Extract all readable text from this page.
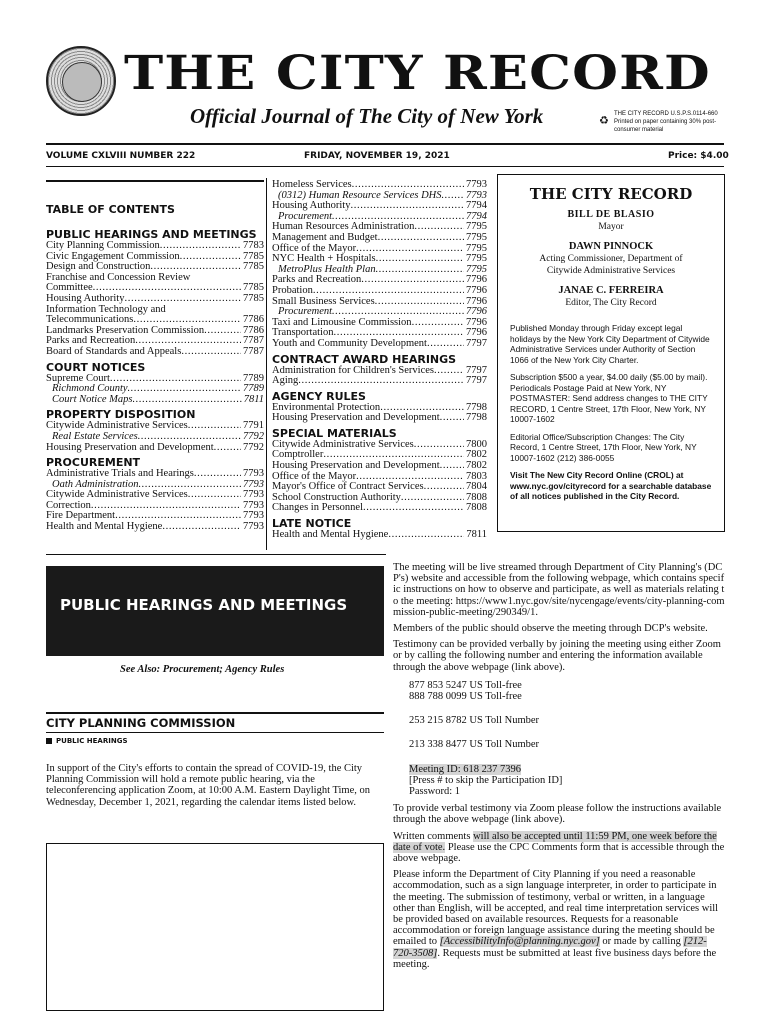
THE CITY RECORD
Official Journal of The City of New York	♻ THE CITY RECORD U.S.P.S.0114-660
Printed on paper containing 30% post-consumer material
VOLUME CXLVIII NUMBER 222	FRIDAY, NOVEMBER 19, 2021	Price: $4.00
TABLE OF CONTENTS
PUBLIC HEARINGS AND MEETINGS
City Planning Commission . . .	7783
Civic Engagement Commission . . .	7785
Design and Construction . . .	7785
Franchise and Concession Review
Committee . . .	7785
Housing Authority . . .	7785
Information Technology and
Telecommunications . . .	7786
Landmarks Preservation Commission . . .	7786
Parks and Recreation . . .	7787
Board of Standards and Appeals . . .	7787
COURT NOTICES
Supreme Court . . .	7789
Richmond County . . .	7789
Court Notice Maps . . .	7811
PROPERTY DISPOSITION
Citywide Administrative Services . . .	7791
Real Estate Services . . .	7792
Housing Preservation and Development . . .	7792
PROCUREMENT
Administrative Trials and Hearings . . .	7793
Oath Administration . . .	7793
Citywide Administrative Services . . .	7793
Correction . . .	7793
Fire Department . . .	7793
Health and Mental Hygiene . . .	7793
Homeless Services . . .	7793
(0312) Human Resource Services DHS . . . 7793
Housing Authority . . .	7794
Procurement . . .	7794
Human Resources Administration . . .	7795
Management and Budget . . .	7795
Office of the Mayor . . .	7795
NYC Health + Hospitals . . .	7795
MetroPlus Health Plan . . .	7795
Parks and Recreation . . .	7796
Probation . . .	7796
Small Business Services . . .	7796
Procurement . . .	7796
Taxi and Limousine Commission . . .	7796
Transportation . . .	7796
Youth and Community Development . . .	7797
CONTRACT AWARD HEARINGS
Administration for Children's Services . . .	7797
Aging . . .	7797
AGENCY RULES
Environmental Protection . . .	7798
Housing Preservation and Development . . .	7798
SPECIAL MATERIALS
Citywide Administrative Services . . .	7800
Comptroller . . .	7802
Housing Preservation and Development . . .	7802
Office of the Mayor . . .	7803
Mayor's Office of Contract Services . . .	7804
School Construction Authority . . .	7808
Changes in Personnel . . .	7808
LATE NOTICE
Health and Mental Hygiene . . .	7811
THE CITY RECORD
BILL DE BLASIO
Mayor
DAWN PINNOCK
Acting Commissioner, Department of
Citywide Administrative Services
JANAE C. FERREIRA
Editor, The City Record
Published Monday through Friday except legal holidays by the New York City Department of Citywide Administrative Services under Authority of Section 1066 of the New York City Charter.
Subscription $500 a year, $4.00 daily ($5.00 by mail). Periodicals Postage Paid at New York, NY POSTMASTER: Send address changes to THE CITY RECORD, 1 Centre Street, 17th Floor, New York, NY 10007-1602
Editorial Office/Subscription Changes: The City Record, 1 Centre Street, 17th Floor, New York, NY 10007-1602 (212) 386-0055
Visit The New City Record Online (CROL) at www.nyc.gov/cityrecord for a searchable database of all notices published in the City Record.
PUBLIC HEARINGS AND MEETINGS
See Also: Procurement; Agency Rules
CITY PLANNING COMMISSION
PUBLIC HEARINGS
In support of the City's efforts to contain the spread of COVID-19, the City Planning Commission will hold a remote public hearing, via the teleconferencing application Zoom, at 10:00 A.M. Eastern Daylight Time, on Wednesday, December 1, 2021, regarding the calendar items listed below.
The meeting will be live streamed through Department of City Planning's (DCP's) website and accessible from the following webpage, which contains specific instructions on how to observe and participate, as well as materials relating to the meeting: https://www1.nyc.gov/site/nycengage/events/city-planning-commission-public-meeting/290349/1.
Members of the public should observe the meeting through DCP's website.
Testimony can be provided verbally by joining the meeting using either Zoom or by calling the following number and entering the information available through the above webpage (link above).
877 853 5247 US Toll-free
888 788 0099 US Toll-free
253 215 8782 US Toll Number
213 338 8477 US Toll Number
Meeting ID: 618 237 7396
[Press # to skip the Participation ID]
Password: 1
To provide verbal testimony via Zoom please follow the instructions available through the above webpage (link above).
Written comments will also be accepted until 11:59 PM, one week before the date of vote. Please use the CPC Comments form that is accessible through the above webpage.
Please inform the Department of City Planning if you need a reasonable accommodation, such as a sign language interpreter, in order to participate in the meeting. The submission of testimony, verbal or written, in a language other than English, will be accepted, and real time interpretation services will be provided based on available resources. Requests for a reasonable accommodation or foreign language assistance during the meeting should be emailed to [AccessibilityInfo@planning.nyc.gov] or made by calling [212-720-3508]. Requests must be submitted at least five business days before the meeting.
